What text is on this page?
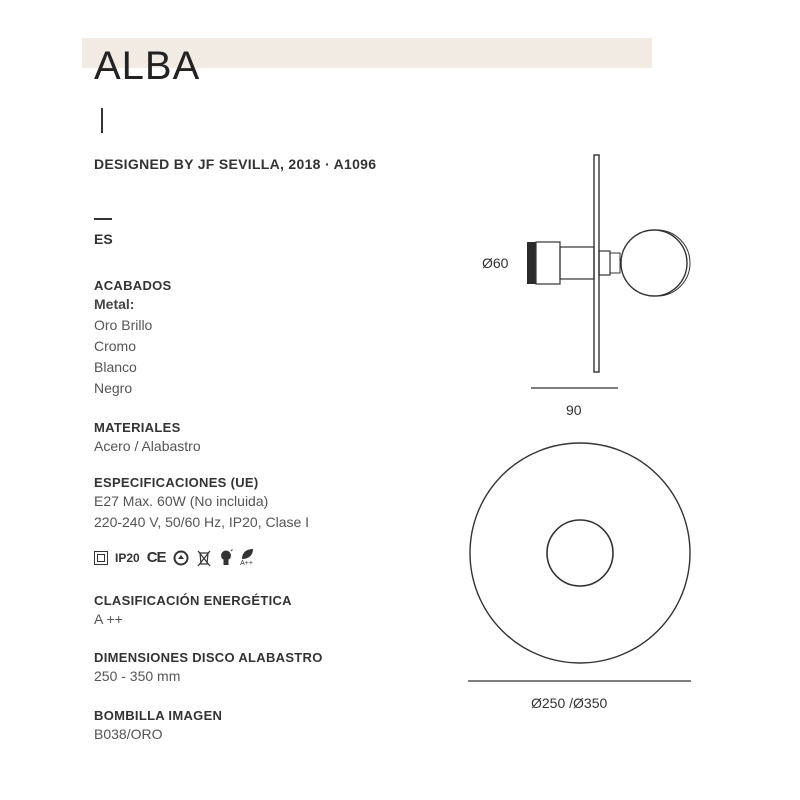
ALBA
DESIGNED BY JF SEVILLA, 2018 · A1096
ES
ACABADOS
Metal:
Oro Brillo
Cromo
Blanco
Negro
MATERIALES
Acero / Alabastro
ESPECIFICACIONES (UE)
E27 Max. 60W (No incluida)
220-240 V, 50/60 Hz, IP20, Clase I
IP20 CE	A++
CLASIFICACIÓN ENERGÉTICA
A ++
DIMENSIONES DISCO ALABASTRO
250 - 350 mm
BOMBILLA IMAGEN
B038/ORO
Ø60
90
Ø250 /Ø350
